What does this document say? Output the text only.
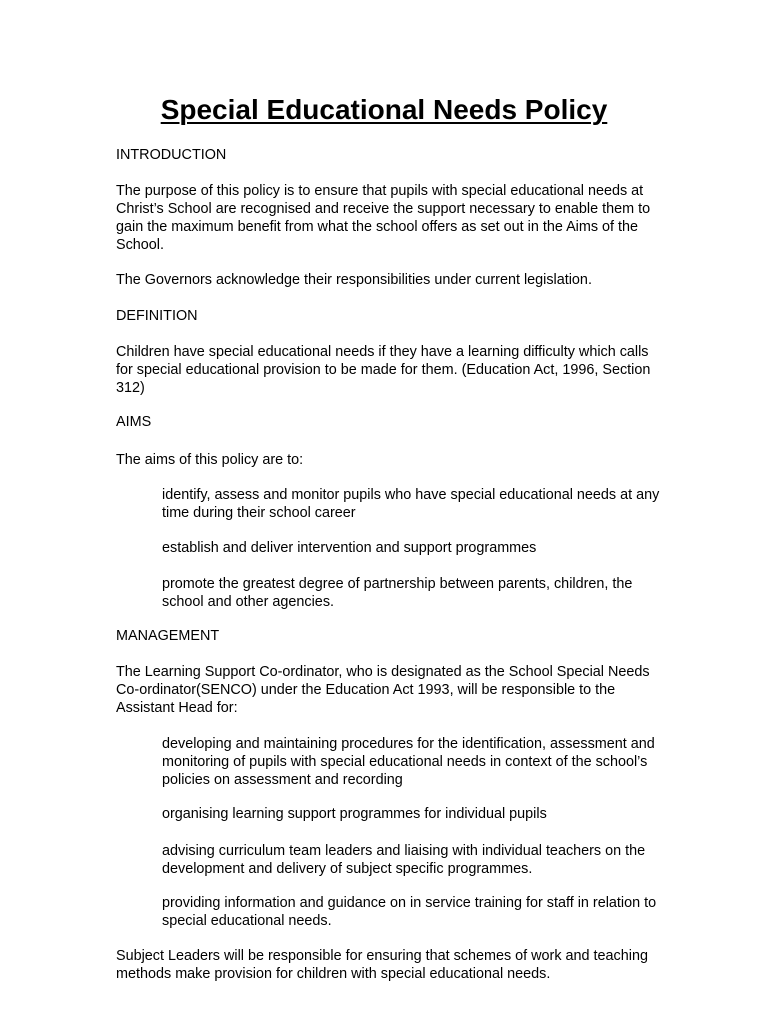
Special Educational Needs Policy

INTRODUCTION

The purpose of this policy is to ensure that pupils with special educational needs at Christ’s School are recognised and receive the support necessary to enable them to gain the maximum benefit from what the school offers as set out in the Aims of the School.

The Governors acknowledge their responsibilities under current legislation.

DEFINITION

Children have special educational needs if they have a learning difficulty which calls for special educational provision to be made for them. (Education Act, 1996, Section 312)

AIMS

The aims of this policy are to:

identify, assess and monitor pupils who have special educational needs at any time during their school career

establish and deliver intervention and support programmes

promote the greatest degree of partnership between parents, children, the school and other agencies.

MANAGEMENT

The Learning Support Co-ordinator, who is designated as the School Special Needs Co-ordinator(SENCO) under the Education Act 1993, will be responsible to the Assistant Head for:

developing and maintaining procedures for the identification, assessment and monitoring of pupils with special educational needs in context of the school’s policies on assessment and recording

organising learning support programmes for individual pupils

advising curriculum team leaders and liaising with individual teachers on the development and delivery of subject specific programmes.

providing information and guidance on in service training for staff in relation to special educational needs.

Subject Leaders will be responsible for ensuring that schemes of work and teaching methods make provision for children with special educational needs.
